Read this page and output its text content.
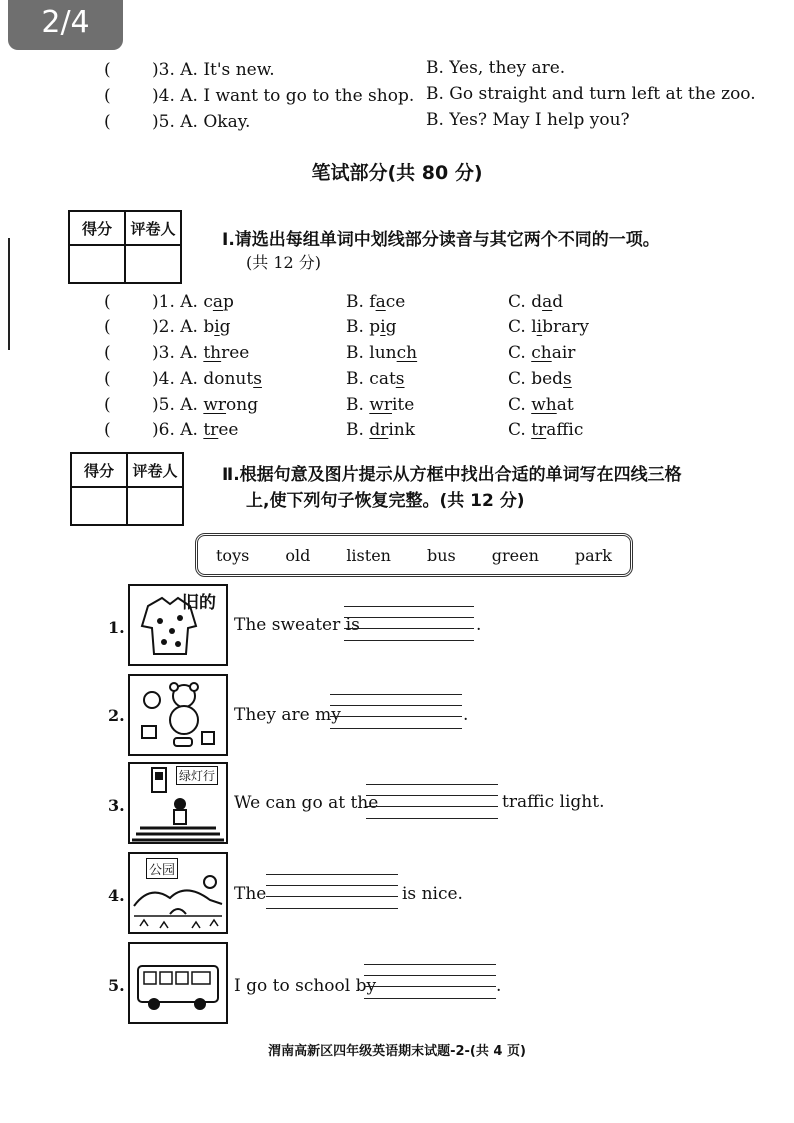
2/4
( )3. A. It's new.	B. Yes, they are.
( )4. A. I want to go to the shop. B. Go straight and turn left at the zoo.
( )5. A. Okay.	B. Yes? May I help you?
笔试部分(共 80 分)
得分	评卷人

Ⅰ.请选出每组单词中划线部分读音与其它两个不同的一项。
(共 12 分)
( )1. A. cap	B. face	C. dad
( )2. A. big	B. pig	C. library
( )3. A. three	B. lunch	C. chair
( )4. A. donuts	B. cats	C. beds
( )5. A. wrong	B. write	C. what
( )6. A. tree	B. drink	C. traffic
得分	评卷人
		Ⅱ.根据句意及图片提示从方框中找出合适的单词写在四线三格
上,使下列句子恢复完整。(共 12 分)
toys old listen bus green park
1.
旧的
The sweater is	.
2.	They are my	.
3.
绿灯行
We can go at the	traffic light.
4.
公园
The	is nice.
5.	I go to school by	.
渭南高新区四年级英语期末试题-2-(共 4 页)
